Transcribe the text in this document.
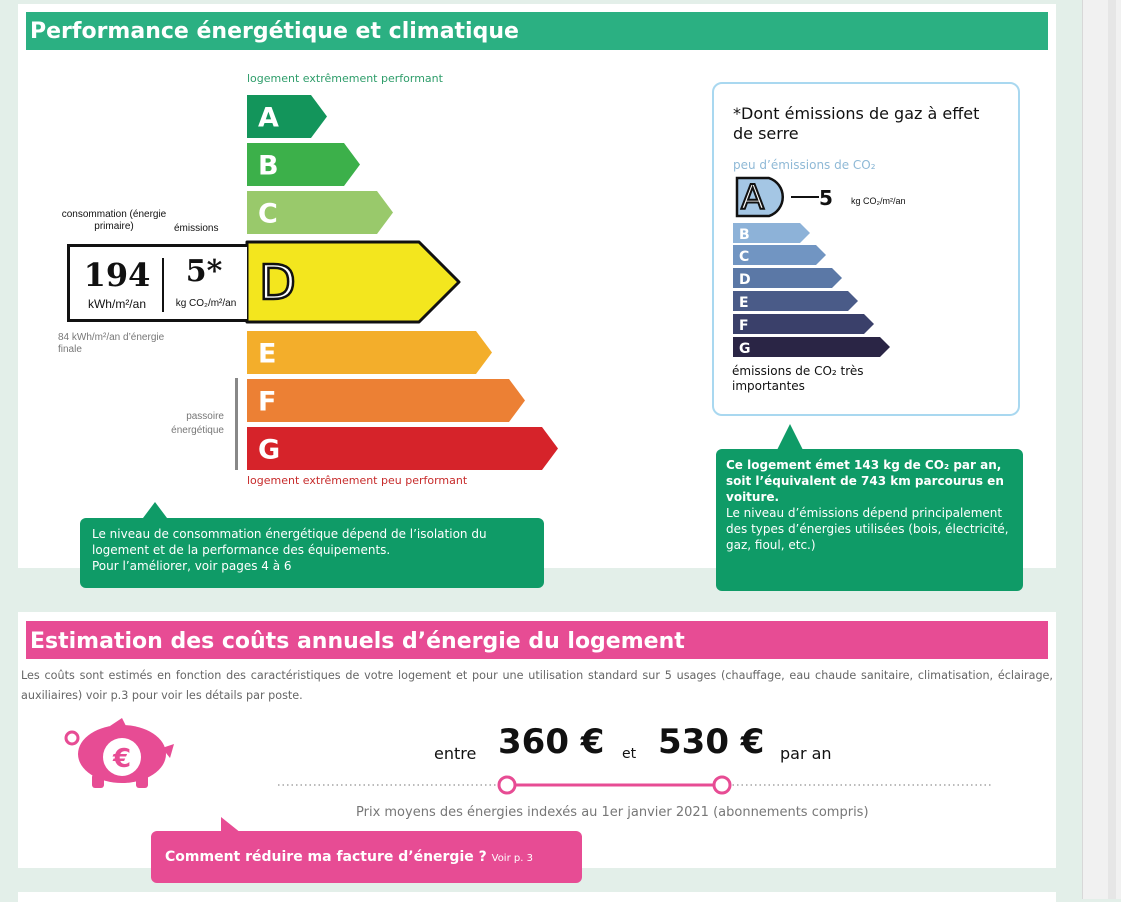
Performance énergétique et climatique
logement extrêmement performant
A
B
C
D
E
F
G
logement extrêmement peu performant
consommation (énergie primaire)	émissions
194
kWh/m²/an
5*
kg CO₂/m²/an
84 kWh/m²/an d’énergie finale
passoire énergétique
Le niveau de consommation énergétique dépend de l’isolation du
logement et de la performance des équipements.
Pour l’améliorer, voir pages 4 à 6
*Dont émissions de gaz à effet de serre
peu d’émissions de CO₂
A
B
C
D
E
F
G
5 kg CO₂/m²/an
émissions de CO₂ très importantes
Ce logement émet 143 kg de CO₂ par an, soit l’équivalent de 743 km parcourus en voiture.
Le niveau d’émissions dépend principalement des types d’énergies utilisées (bois, électricité, gaz, fioul, etc.)
Estimation des coûts annuels d’énergie du logement
Les coûts sont estimés en fonction des caractéristiques de votre logement et pour une utilisation standard sur 5 usages (chauffage, eau chaude sanitaire, climatisation, éclairage, auxiliaires) voir p.3 pour voir les détails par poste.
€	entre 360 € et 530 € par an
Prix moyens des énergies indexés au 1er janvier 2021 (abonnements compris)
Comment réduire ma facture d’énergie ? Voir p. 3
